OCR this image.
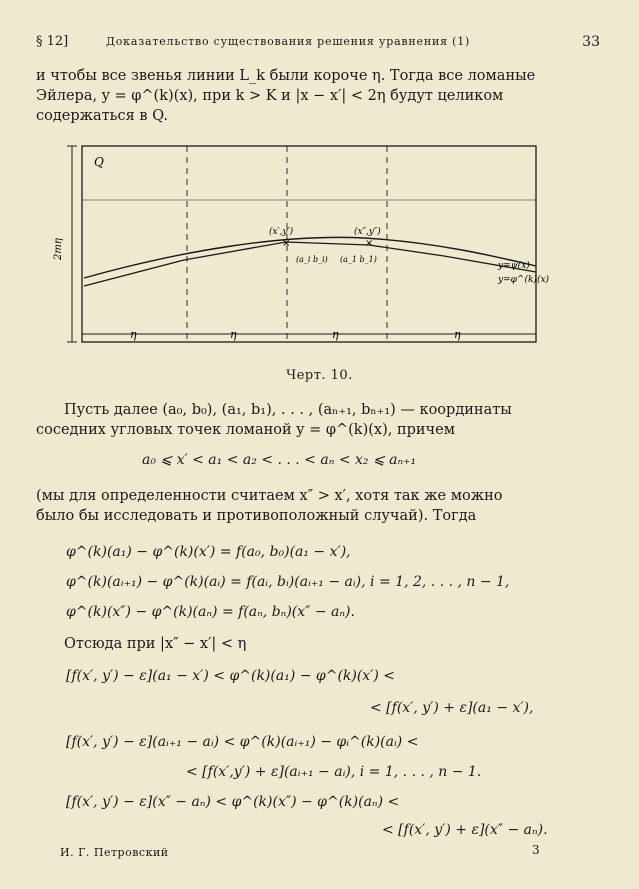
§ 12]	Доказательство существования решения уравнения (1)	33
и чтобы все звенья линии L_k были короче η. Тогда все ломаные
Эйлера, y = φ^(k)(x), при k > K и |x − x′| < 2η будут целиком
содержаться в Q.
×	×
Q
(x′,y′)	(x″,y″)
(a_i b_i) (a_1 b_1)
y=ψ(x)
y=φ^(k)(x)
2mη
η	η	η	η
Черт. 10.
Пусть далее (a₀, b₀), (a₁, b₁), . . . , (aₙ₊₁, bₙ₊₁) — координаты
соседних угловых точек ломаной y = φ^(k)(x), причем
a₀ ⩽ x′ < a₁ < a₂ < . . . < aₙ < x₂ ⩽ aₙ₊₁
(мы для определенности считаем x″ > x′, хотя так же можно
было бы исследовать и противоположный случай). Тогда
φ^(k)(a₁) − φ^(k)(x′) = f(a₀, b₀)(a₁ − x′),
φ^(k)(aᵢ₊₁) − φ^(k)(aᵢ) = f(aᵢ, bᵢ)(aᵢ₊₁ − aᵢ), i = 1, 2, . . . , n − 1,
φ^(k)(x″) − φ^(k)(aₙ) = f(aₙ, bₙ)(x″ − aₙ).
Отсюда при |x″ − x′| < η
[f(x′, y′) − ε](a₁ − x′) < φ^(k)(a₁) − φ^(k)(x′) <
< [f(x′, y′) + ε](a₁ − x′),
[f(x′, y′) − ε](aᵢ₊₁ − aᵢ) < φ^(k)(aᵢ₊₁) − φᵢ^(k)(aᵢ) <
< [f(x′,y′) + ε](aᵢ₊₁ − aᵢ), i = 1, . . . , n − 1.
[f(x′, y′) − ε](x″ − aₙ) < φ^(k)(x″) − φ^(k)(aₙ) <
< [f(x′, y′) + ε](x″ − aₙ).
И. Г. Петровский	3
